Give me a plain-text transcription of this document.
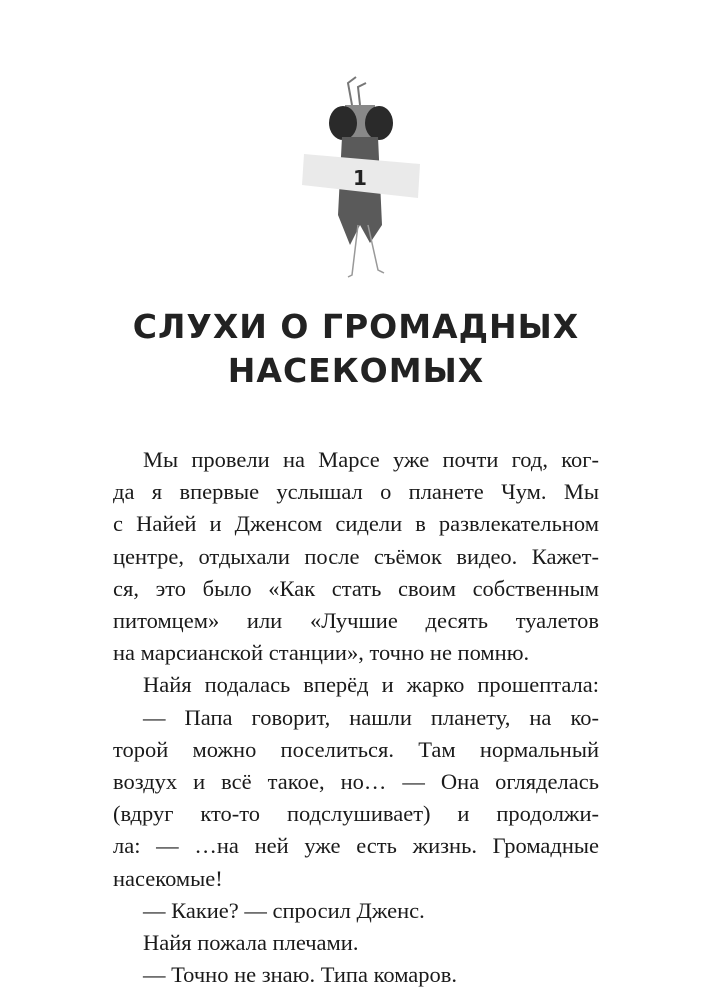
1
СЛУХИ О ГРОМАДНЫХ
НАСЕКОМЫХ
Мы провели на Марсе уже почти год, ког-
да я впервые услышал о планете Чум. Мы
с Найей и Дженсом сидели в развлекательном
центре, отдыхали после съёмок видео. Кажет-
ся, это было «Как стать своим собственным
питомцем» или «Лучшие десять туалетов
на марсианской станции», точно не помню.
Найя подалась вперёд и жарко прошептала:
— Папа говорит, нашли планету, на ко-
торой можно поселиться. Там нормальный
воздух и всё такое, но… — Она огляделась
(вдруг кто-то подслушивает) и продолжи-
ла: — …на ней уже есть жизнь. Громадные
насекомые!
— Какие? — спросил Дженс.
Найя пожала плечами.
— Точно не знаю. Типа комаров.
